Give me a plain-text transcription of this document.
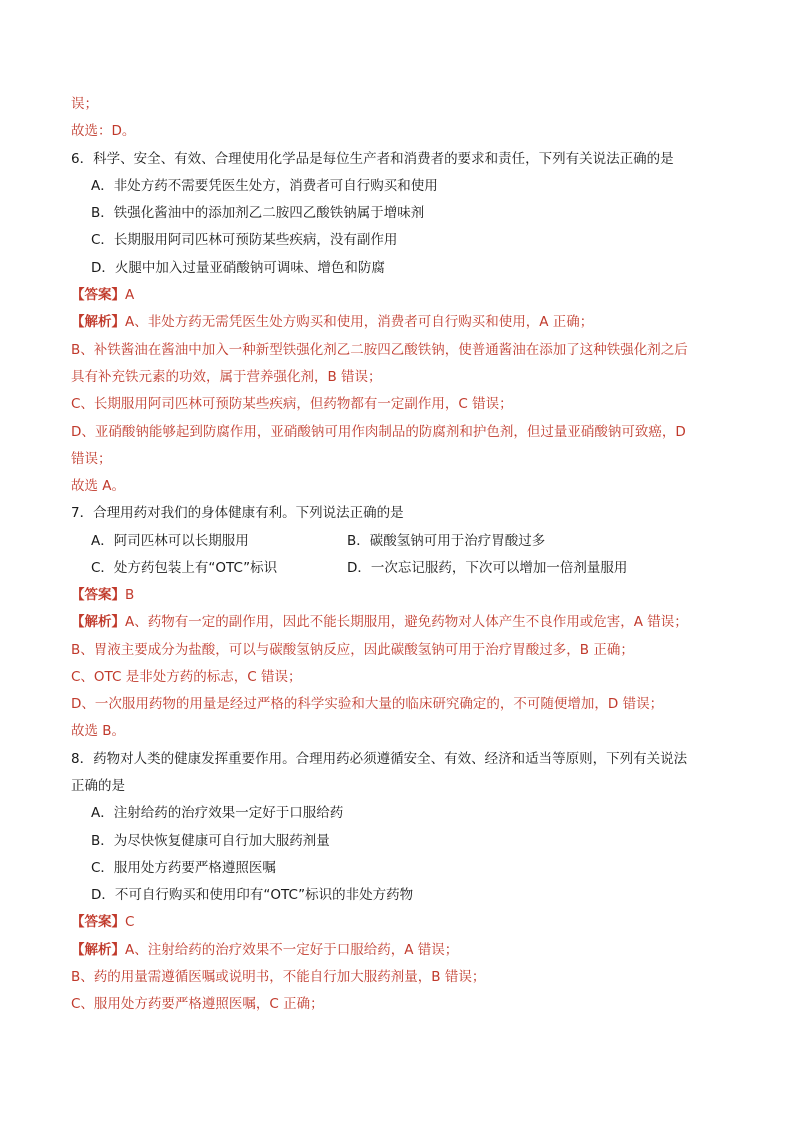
误；
故选：D。
6．科学、安全、有效、合理使用化学品是每位生产者和消费者的要求和责任，下列有关说法正确的是
A．非处方药不需要凭医生处方，消费者可自行购买和使用
B．铁强化酱油中的添加剂乙二胺四乙酸铁钠属于增味剂
C．长期服用阿司匹林可预防某些疾病，没有副作用
D．火腿中加入过量亚硝酸钠可调味、增色和防腐
【答案】A
【解析】A、非处方药无需凭医生处方购买和使用，消费者可自行购买和使用，A 正确；
B、补铁酱油在酱油中加入一种新型铁强化剂乙二胺四乙酸铁钠，使普通酱油在添加了这种铁强化剂之后
具有补充铁元素的功效，属于营养强化剂，B 错误；
C、长期服用阿司匹林可预防某些疾病，但药物都有一定副作用，C 错误；
D、亚硝酸钠能够起到防腐作用，亚硝酸钠可用作肉制品的防腐剂和护色剂，但过量亚硝酸钠可致癌，D
错误；
故选 A。
7．合理用药对我们的身体健康有利。下列说法正确的是
A．阿司匹林可以长期服用	B．碳酸氢钠可用于治疗胃酸过多
C．处方药包装上有“OTC”标识	D．一次忘记服药，下次可以增加一倍剂量服用
【答案】B
【解析】A、药物有一定的副作用，因此不能长期服用，避免药物对人体产生不良作用或危害，A 错误；
B、胃液主要成分为盐酸，可以与碳酸氢钠反应，因此碳酸氢钠可用于治疗胃酸过多，B 正确；
C、OTC 是非处方药的标志，C 错误；
D、一次服用药物的用量是经过严格的科学实验和大量的临床研究确定的，不可随便增加，D 错误；
故选 B。
8．药物对人类的健康发挥重要作用。合理用药必须遵循安全、有效、经济和适当等原则，下列有关说法
正确的是
A．注射给药的治疗效果一定好于口服给药
B．为尽快恢复健康可自行加大服药剂量
C．服用处方药要严格遵照医嘱
D．不可自行购买和使用印有“OTC”标识的非处方药物
【答案】C
【解析】A、注射给药的治疗效果不一定好于口服给药，A 错误；
B、药的用量需遵循医嘱或说明书，不能自行加大服药剂量，B 错误；
C、服用处方药要严格遵照医嘱，C 正确；
